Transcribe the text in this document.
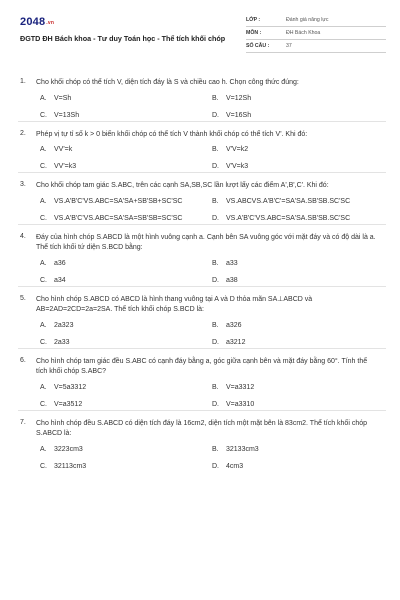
2048.vn
ĐGTD ĐH Bách khoa - Tư duy Toán học - Thể tích khối chóp
LỚP :	Đánh giá năng lực
MÔN :	ĐH Bách Khoa
SỐ CÂU :	37
1.	Cho khối chóp có thể tích V, diện tích đáy là S và chiều cao h. Chọn công thức đúng:
A.	V=Sh	B.	V=12Sh
C.	V=13Sh	D.	V=16Sh
2.	Phép vị tự tỉ số k > 0 biến khối chóp có thể tích V thành khối chóp có thể tích V'. Khi đó:
A.	VV'=k	B.	V'V=k2
C.	VV'=k3	D.	V'V=k3
3.	Cho khối chóp tam giác S.ABC, trên các cạnh SA,SB,SC lần lượt lấy các điểm A',B',C'. Khi đó:
A.	VS.A'B'C'VS.ABC=SA'SA+SB'SB+SC'SC	B.	VS.ABCVS.A'B'C'=SA'SA.SB'SB.SC'SC
C.	VS.A'B'C'VS.ABC=SA'SA=SB'SB=SC'SC	D.	VS.A'B'C'VS.ABC=SA'SA.SB'SB.SC'SC
4.	Đáy của hình chóp S.ABCD là một hình vuông cạnh a. Cạnh bên SA vuông góc với mặt đáy và có độ dài là a. Thể tích khối tứ diện S.BCD bằng:
A.	a36	B.	a33
C.	a34	D.	a38
5.	Cho hình chóp S.ABCD có ABCD là hình thang vuông tại A và D thỏa mãn SA⊥ABCD và AB=2AD=2CD=2a=2SA. Thể tích khối chóp S.BCD là:
A.	2a323	B.	a326
C.	2a33	D.	a3212
6.	Cho hình chóp tam giác đều S.ABC có cạnh đáy bằng a, góc giữa cạnh bên và mặt đáy bằng 60°. Tính thể tích khối chóp S.ABC?
A.	V=5a3312	B.	V=a3312
C.	V=a3512	D.	V=a3310
7.	Cho hình chóp đều S.ABCD có diện tích đáy là 16cm2, diện tích một mặt bên là 83cm2. Thể tích khối chóp S.ABCD là:
A.	3223cm3	B.	32133cm3
C.	32113cm3	D.	4cm3
